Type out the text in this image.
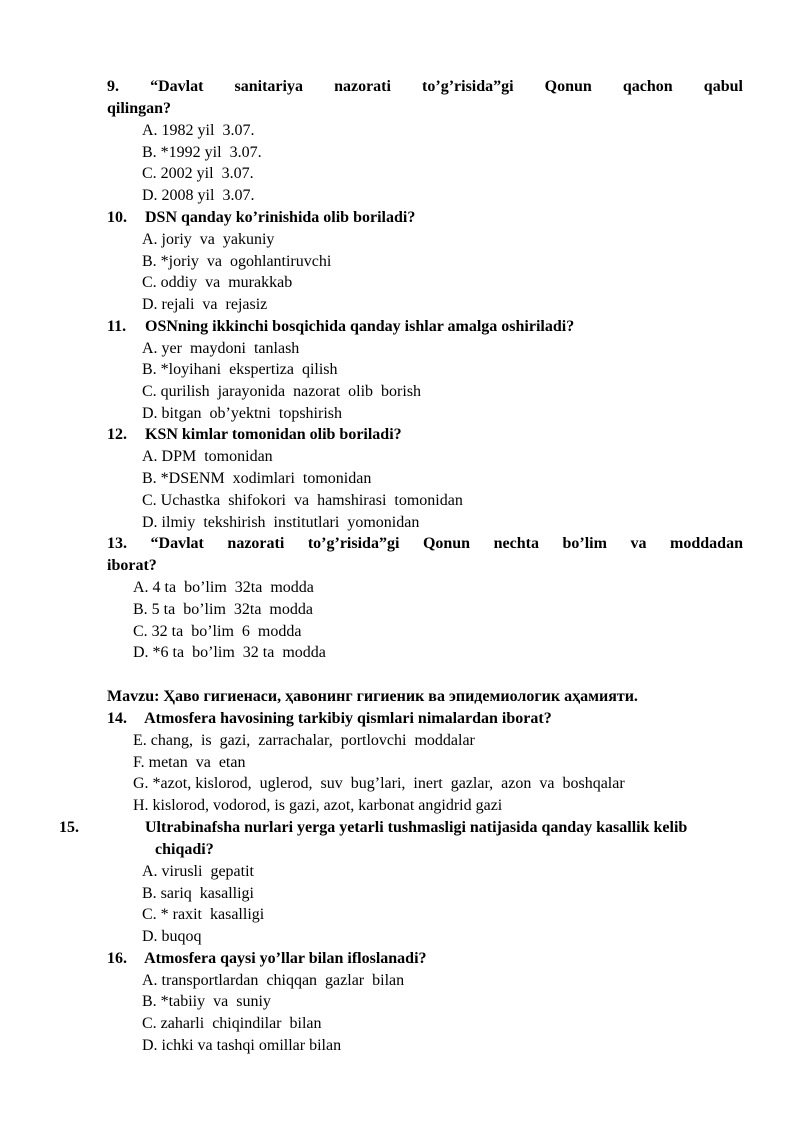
9. “Davlat sanitariya nazorati to’g’risida”gi Qonun qachon qabul
qilingan?
A. 1982 yil  3.07.
B. *1992 yil  3.07.
C. 2002 yil  3.07.
D. 2008 yil  3.07.
10. DSN qanday ko’rinishida olib boriladi?
A. joriy  va  yakuniy
B. *joriy  va  ogohlantiruvchi
C. oddiy  va  murakkab
D. rejali  va  rejasiz
11. OSNning ikkinchi bosqichida qanday ishlar amalga oshiriladi?
A. yer  maydoni  tanlash
B. *loyihani  ekspertiza  qilish
C. qurilish  jarayonida  nazorat  olib  borish
D. bitgan  ob’yektni  topshirish
12. KSN kimlar tomonidan olib boriladi?
A. DPM  tomonidan
B. *DSENM  xodimlari  tomonidan
C. Uchastka  shifokori  va  hamshirasi  tomonidan
D. ilmiy  tekshirish  institutlari  yomonidan
13. “Davlat nazorati to’g’risida”gi Qonun nechta bo’lim va moddadan
iborat?
A. 4 ta  bo’lim  32ta  modda
B. 5 ta  bo’lim  32ta  modda
C. 32 ta  bo’lim  6  modda
D. *6 ta  bo’lim  32 ta  modda
Mavzu: Ҳаво гигиенаси, ҳавонинг гигиеник ва эпидемиологик аҳамияти.
14. Atmosfera havosining tarkibiy qismlari nimalardan iborat?
E. chang,  is  gazi,  zarrachalar,  portlovchi  moddalar
F. metan  va  etan
G. *azot, kislorod,  uglerod,  suv  bug’lari,  inert  gazlar,  azon  va  boshqalar
H. kislorod, vodorod, is gazi, azot, karbonat angidrid gazi
15.	Ultrabinafsha nurlari yerga yetarli tushmasligi natijasida qanday kasallik kelib chiqadi?
A. virusli  gepatit
B. sariq  kasalligi
C. * raxit  kasalligi
D. buqoq
16. Atmosfera qaysi yo’llar bilan ifloslanadi?
A. transportlardan  chiqqan  gazlar  bilan
B. *tabiiy  va  suniy
C. zaharli  chiqindilar  bilan
D. ichki va tashqi omillar bilan
